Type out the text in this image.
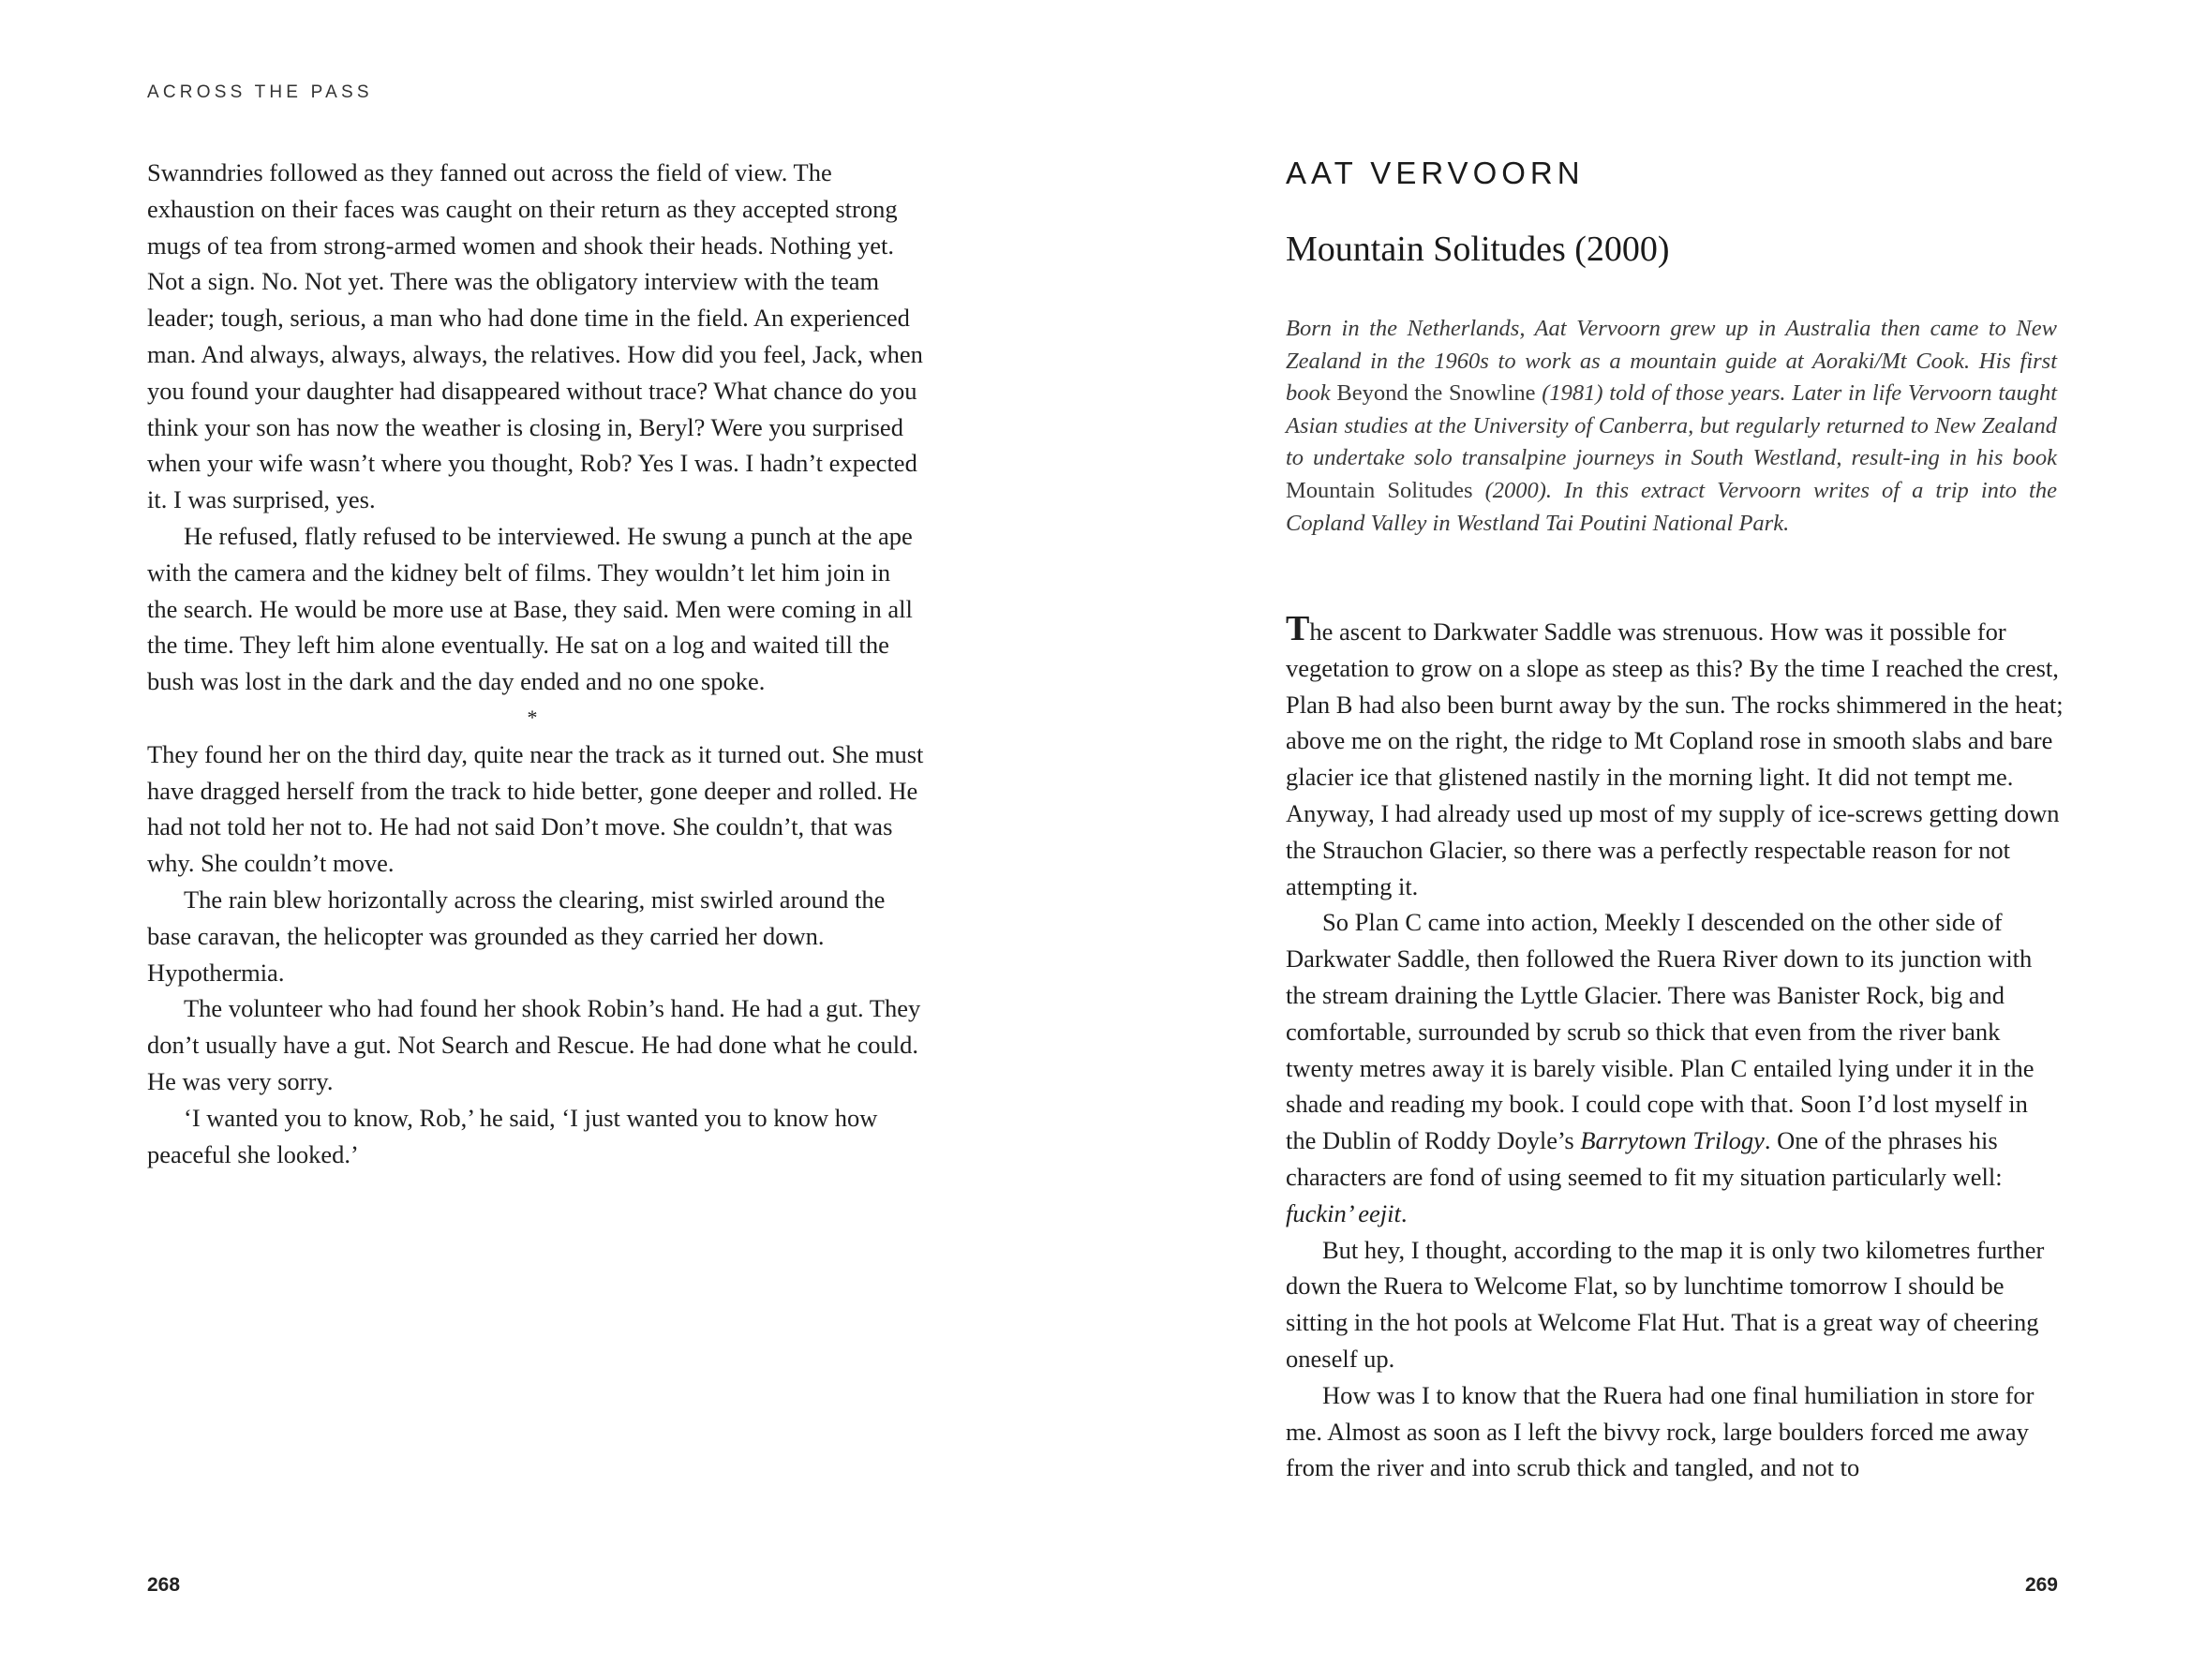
ACROSS THE PASS

Swanndries followed as they fanned out across the field of view. The exhaustion on their faces was caught on their return as they accepted strong mugs of tea from strong-armed women and shook their heads. Nothing yet. Not a sign. No. Not yet. There was the obligatory interview with the team leader; tough, serious, a man who had done time in the field. An experienced man. And always, always, always, the relatives. How did you feel, Jack, when you found your daughter had disappeared without trace? What chance do you think your son has now the weather is closing in, Beryl? Were you surprised when your wife wasn’t where you thought, Rob? Yes I was. I hadn’t expected it. I was surprised, yes.

He refused, flatly refused to be interviewed. He swung a punch at the ape with the camera and the kidney belt of films. They wouldn’t let him join in the search. He would be more use at Base, they said. Men were coming in all the time. They left him alone eventually. He sat on a log and waited till the bush was lost in the dark and the day ended and no one spoke.

*

They found her on the third day, quite near the track as it turned out. She must have dragged herself from the track to hide better, gone deeper and rolled. He had not told her not to. He had not said Don’t move. She couldn’t, that was why. She couldn’t move.

The rain blew horizontally across the clearing, mist swirled around the base caravan, the helicopter was grounded as they carried her down. Hypothermia.

The volunteer who had found her shook Robin’s hand. He had a gut. They don’t usually have a gut. Not Search and Rescue. He had done what he could. He was very sorry.

‘I wanted you to know, Rob,’ he said, ‘I just wanted you to know how peaceful she looked.’

268
AAT VERVOORN
Mountain Solitudes (2000)
Born in the Netherlands, Aat Vervoorn grew up in Australia then came to New Zealand in the 1960s to work as a mountain guide at Aoraki/Mt Cook. His first book Beyond the Snowline (1981) told of those years. Later in life Vervoorn taught Asian studies at the University of Canberra, but regularly returned to New Zealand to undertake solo transalpine journeys in South Westland, result-ing in his book Mountain Solitudes (2000). In this extract Vervoorn writes of a trip into the Copland Valley in Westland Tai Poutini National Park.

The ascent to Darkwater Saddle was strenuous. How was it possible for vegetation to grow on a slope as steep as this? By the time I reached the crest, Plan B had also been burnt away by the sun. The rocks shimmered in the heat; above me on the right, the ridge to Mt Copland rose in smooth slabs and bare glacier ice that glistened nastily in the morning light. It did not tempt me. Anyway, I had already used up most of my supply of ice-screws getting down the Strauchon Glacier, so there was a perfectly respectable reason for not attempting it.

So Plan C came into action, Meekly I descended on the other side of Darkwater Saddle, then followed the Ruera River down to its junction with the stream draining the Lyttle Glacier. There was Banister Rock, big and comfortable, surrounded by scrub so thick that even from the river bank twenty metres away it is barely visible. Plan C entailed lying under it in the shade and reading my book. I could cope with that. Soon I’d lost myself in the Dublin of Roddy Doyle’s Barrytown Trilogy. One of the phrases his characters are fond of using seemed to fit my situation particularly well: fuckin’ eejit.

But hey, I thought, according to the map it is only two kilometres further down the Ruera to Welcome Flat, so by lunchtime tomorrow I should be sitting in the hot pools at Welcome Flat Hut. That is a great way of cheering oneself up.

How was I to know that the Ruera had one final humiliation in store for me. Almost as soon as I left the bivvy rock, large boulders forced me away from the river and into scrub thick and tangled, and not to

269
